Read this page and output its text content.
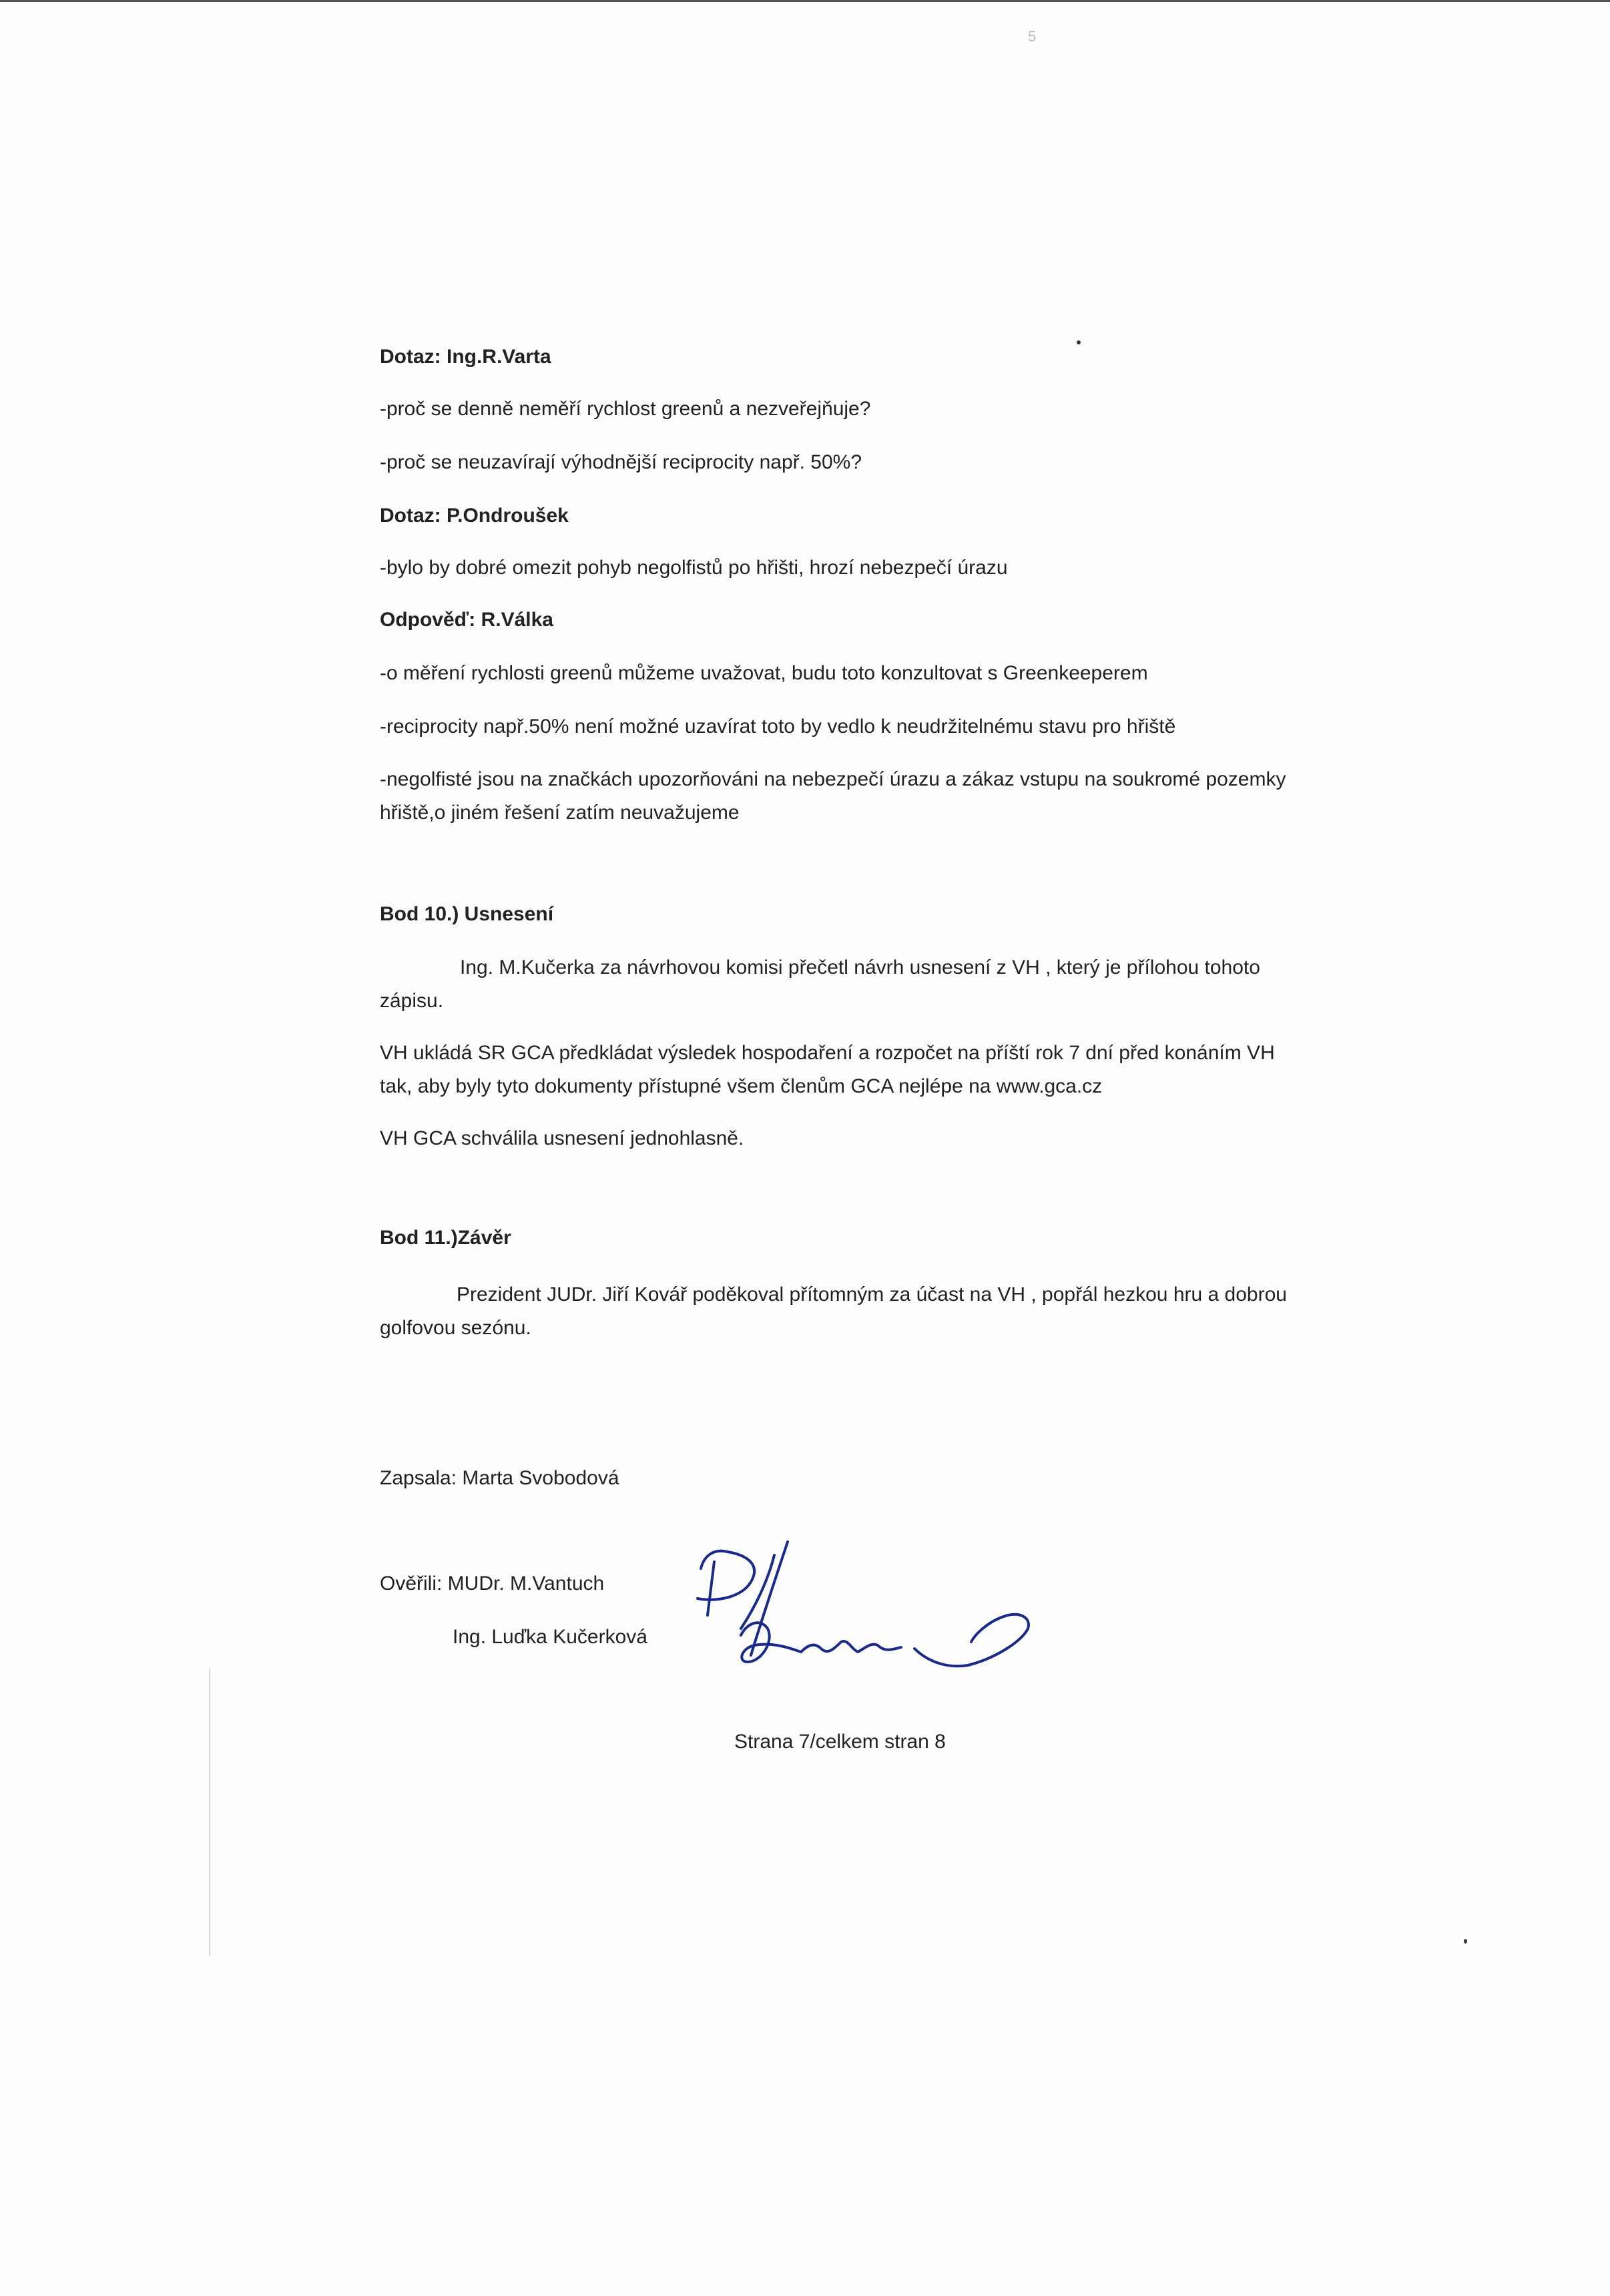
5

Dotaz: Ing.R.Varta

-proč se denně neměří rychlost greenů a nezveřejňuje?

-proč se neuzavírají výhodnější reciprocity např. 50%?

Dotaz: P.Ondroušek

-bylo by dobré omezit pohyb negolfistů po hřišti, hrozí nebezpečí úrazu

Odpověď: R.Válka

-o měření rychlosti greenů můžeme uvažovat, budu toto konzultovat s Greenkeeperem

-reciprocity např.50% není možné uzavírat toto by vedlo k neudržitelnému stavu pro hřiště

-negolfisté jsou na značkách upozorňováni na nebezpečí úrazu a zákaz vstupu na soukromé pozemky

hřiště,o jiném řešení zatím neuvažujeme

Bod 10.) Usnesení

Ing. M.Kučerka za návrhovou komisi přečetl návrh usnesení z VH , který je přílohou tohoto

zápisu.

VH ukládá SR GCA předkládat výsledek hospodaření a rozpočet na příští rok 7 dní před konáním VH

tak, aby byly tyto dokumenty přístupné všem členům GCA nejlépe na www.gca.cz

VH GCA schválila usnesení jednohlasně.

Bod 11.)Závěr

Prezident JUDr. Jiří Kovář poděkoval přítomným za účast na VH , popřál hezkou hru a dobrou

golfovou sezónu.

Zapsala: Marta Svobodová

Ověřili: MUDr. M.Vantuch

Ing. Luďka Kučerková

Strana 7/celkem stran 8
